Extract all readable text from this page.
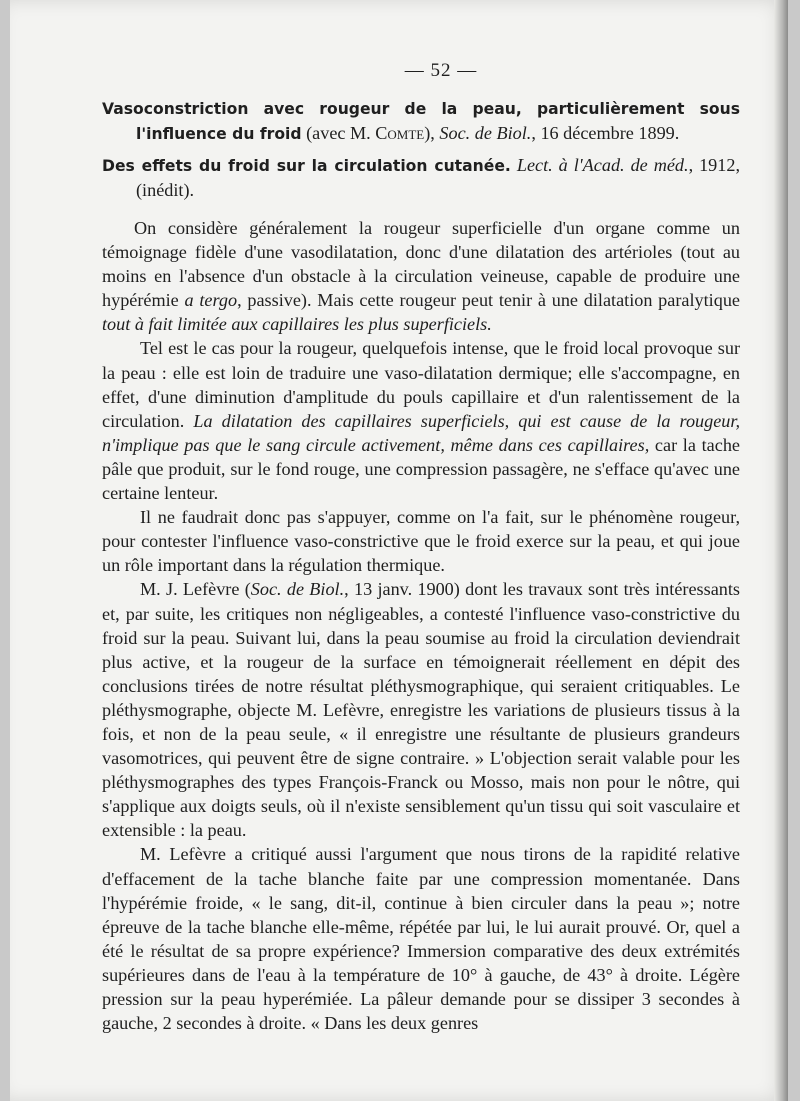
— 52 —

Vasoconstriction avec rougeur de la peau, particulièrement sous l'influence du froid (avec M. Comte), Soc. de Biol., 16 décembre 1899.

Des effets du froid sur la circulation cutanée. Lect. à l'Acad. de méd., 1912, (inédit).

On considère généralement la rougeur superficielle d'un organe comme un témoignage fidèle d'une vasodilatation, donc d'une dilatation des artérioles (tout au moins en l'absence d'un obstacle à la circulation veineuse, capable de produire une hypérémie a tergo, passive). Mais cette rougeur peut tenir à une dilatation paralytique tout à fait limitée aux capillaires les plus superficiels.

Tel est le cas pour la rougeur, quelquefois intense, que le froid local provoque sur la peau : elle est loin de traduire une vaso-dilatation dermique; elle s'accompagne, en effet, d'une diminution d'amplitude du pouls capillaire et d'un ralentissement de la circulation. La dilatation des capillaires superficiels, qui est cause de la rougeur, n'implique pas que le sang circule activement, même dans ces capillaires, car la tache pâle que produit, sur le fond rouge, une compression passagère, ne s'efface qu'avec une certaine lenteur.

Il ne faudrait donc pas s'appuyer, comme on l'a fait, sur le phénomène rougeur, pour contester l'influence vaso-constrictive que le froid exerce sur la peau, et qui joue un rôle important dans la régulation thermique.

M. J. Lefèvre (Soc. de Biol., 13 janv. 1900) dont les travaux sont très intéressants et, par suite, les critiques non négligeables, a contesté l'influence vaso-constrictive du froid sur la peau. Suivant lui, dans la peau soumise au froid la circulation deviendrait plus active, et la rougeur de la surface en témoignerait réellement en dépit des conclusions tirées de notre résultat pléthysmographique, qui seraient critiquables. Le pléthysmographe, objecte M. Lefèvre, enregistre les variations de plusieurs tissus à la fois, et non de la peau seule, « il enregistre une résultante de plusieurs grandeurs vasomotrices, qui peuvent être de signe contraire. » L'objection serait valable pour les pléthysmographes des types François-Franck ou Mosso, mais non pour le nôtre, qui s'applique aux doigts seuls, où il n'existe sensiblement qu'un tissu qui soit vasculaire et extensible : la peau.

M. Lefèvre a critiqué aussi l'argument que nous tirons de la rapidité relative d'effacement de la tache blanche faite par une compression momentanée. Dans l'hypérémie froide, « le sang, dit-il, continue à bien circuler dans la peau »; notre épreuve de la tache blanche elle-même, répétée par lui, le lui aurait prouvé. Or, quel a été le résultat de sa propre expérience? Immersion comparative des deux extrémités supérieures dans de l'eau à la température de 10° à gauche, de 43° à droite. Légère pression sur la peau hyperémiée. La pâleur demande pour se dissiper 3 secondes à gauche, 2 secondes à droite. « Dans les deux genres
